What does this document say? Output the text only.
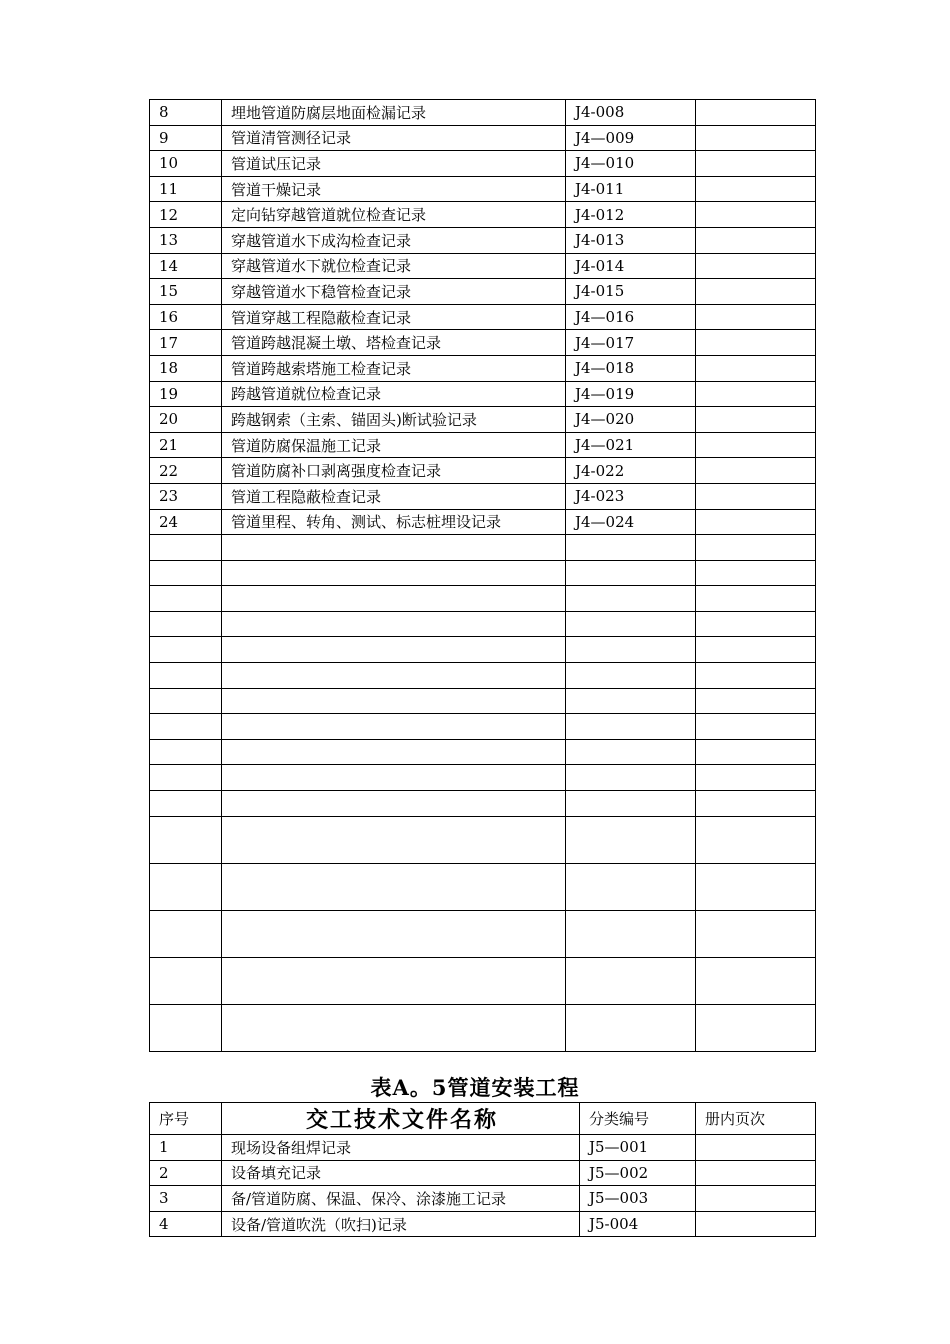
8	埋地管道防腐层地面检漏记录	J4-008	
9	管道清管测径记录	J4—009	
10	管道试压记录	J4—010	
11	管道干燥记录	J4-011	
12	定向钻穿越管道就位检查记录	J4-012	
13	穿越管道水下成沟检查记录	J4-013	
14	穿越管道水下就位检查记录	J4-014	
15	穿越管道水下稳管检查记录	J4-015	
16	管道穿越工程隐蔽检查记录	J4—016	
17	管道跨越混凝土墩、塔检查记录	J4—017	
18	管道跨越索塔施工检查记录	J4—018	
19	跨越管道就位检查记录	J4—019	
20	跨越钢索（主索、锚固头)断试验记录	J4—020	
21	管道防腐保温施工记录	J4—021	
22	管道防腐补口剥离强度检查记录	J4-022	
23	管道工程隐蔽检查记录	J4-023	
24	管道里程、转角、测试、标志桩埋设记录	J4—024	

表A。5管道安装工程
序号	交工技术文件名称	分类编号	册内页次
1	现场设备组焊记录	J5—001	
2	设备填充记录	J5—002	
3	备/管道防腐、保温、保冷、涂漆施工记录	J5—003	
4	设备/管道吹洗（吹扫)记录	J5-004	
